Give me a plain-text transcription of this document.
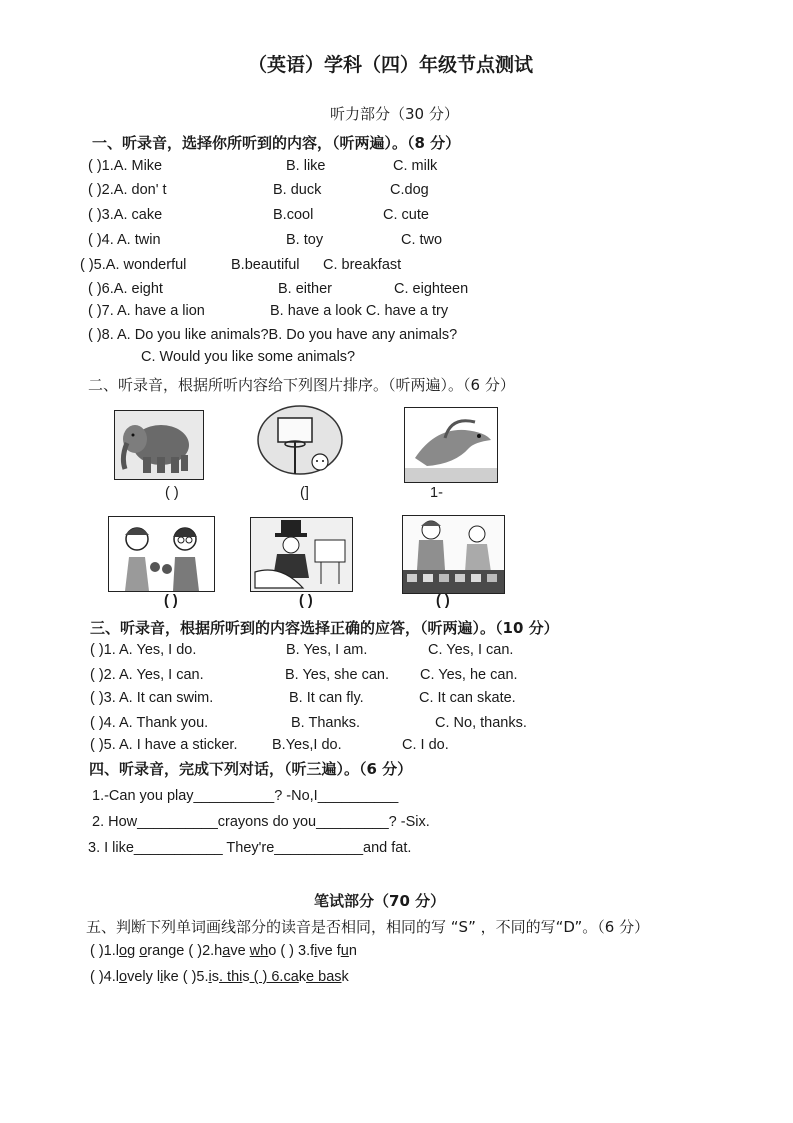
（英语）学科（四）年级节点测试
听力部分（30 分）
一、听录音，选择你所听到的内容，（听两遍）。（8 分）
( )1.A. Mike	B. like	C. milk
( )2.A. don' t	B. duck	C.dog
( )3.A. cake	B.cool	C. cute
( )4. A. twin	B. toy	C. two
( )5.A. wonderful	B.beautiful C. breakfast
( )6.A. eight	B. either	C. eighteen
( )7. A. have a lion	B. have a look C. have a try
( )8. A. Do you like animals?B. Do you have any animals?
C. Would you like some animals?
二、听录音，根据所听内容给下列图片排序。（听两遍）。（6 分）
( )	(]	1-
( )	( )	( )
三、听录音，根据所听到的内容选择正确的应答，（听两遍）。（10 分）
( )1. A. Yes, I do.	B. Yes, I am.	C. Yes, I can.
( )2. A. Yes, I can.	B. Yes, she can. C. Yes, he can.
( )3. A. It can swim.	B. It can fly.	C. It can skate.
( )4. A. Thank you.	B. Thanks.	C. No, thanks.
( )5. A. I have a sticker. B.Yes,I do.	C. I do.
四、听录音，完成下列对话，（听三遍）。（6 分）
1.-Can you play__________? -No,I__________
2. How__________crayons do you_________? -Six.
3. I like___________ They're___________and fat.
笔试部分（70 分）
五、判断下列单词画线部分的读音是否相同，相同的写 “S” ，不同的写“D”。（6 分）
( )1.log orange ( )2.have who ( ) 3.five fun
( )4.lovely like ( )5.is. this ( ) 6.cake bask
